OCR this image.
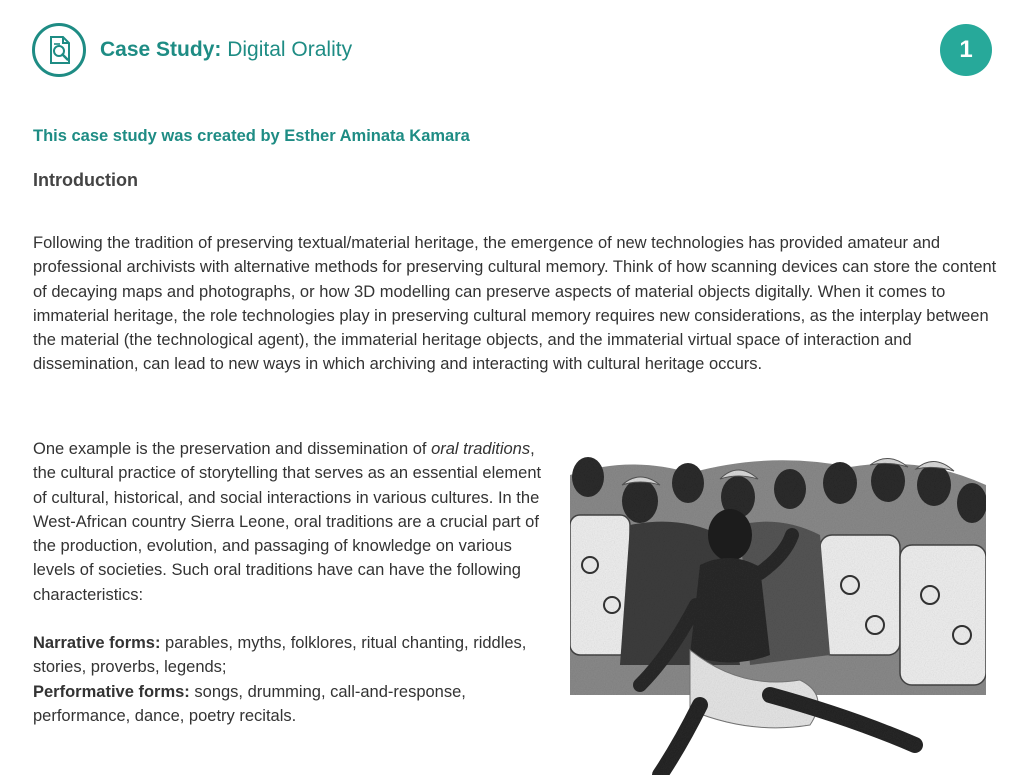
Case Study: Digital Orality	1
This case study was created by Esther Aminata Kamara
Introduction

Following the tradition of preserving textual/material heritage, the emergence of new technologies has provided amateur and professional archivists with alternative methods for preserving cultural memory. Think of how scanning devices can store the content of decaying maps and photographs, or how 3D modelling can preserve aspects of material objects digitally. When it comes to immaterial heritage, the role technologies play in preserving cultural memory requires new considerations, as the interplay between the material (the technological agent), the immaterial heritage objects, and the immaterial virtual space of interaction and dissemination, can lead to new ways in which archiving and interacting with cultural heritage occurs.

One example is the preservation and dissemination of oral traditions, the cultural practice of storytelling that serves as an essential element of cultural, historical, and social interactions in various cultures. In the West-African country Sierra Leone, oral traditions are a crucial part of the production, evolution, and passaging of knowledge on various levels of societies. Such oral traditions have can have the following characteristics:

Narrative forms: parables, myths, folklores, ritual chanting, riddles, stories, proverbs, legends;

Performative forms: songs, drumming, call-and-response, performance, dance, poetry recitals.
